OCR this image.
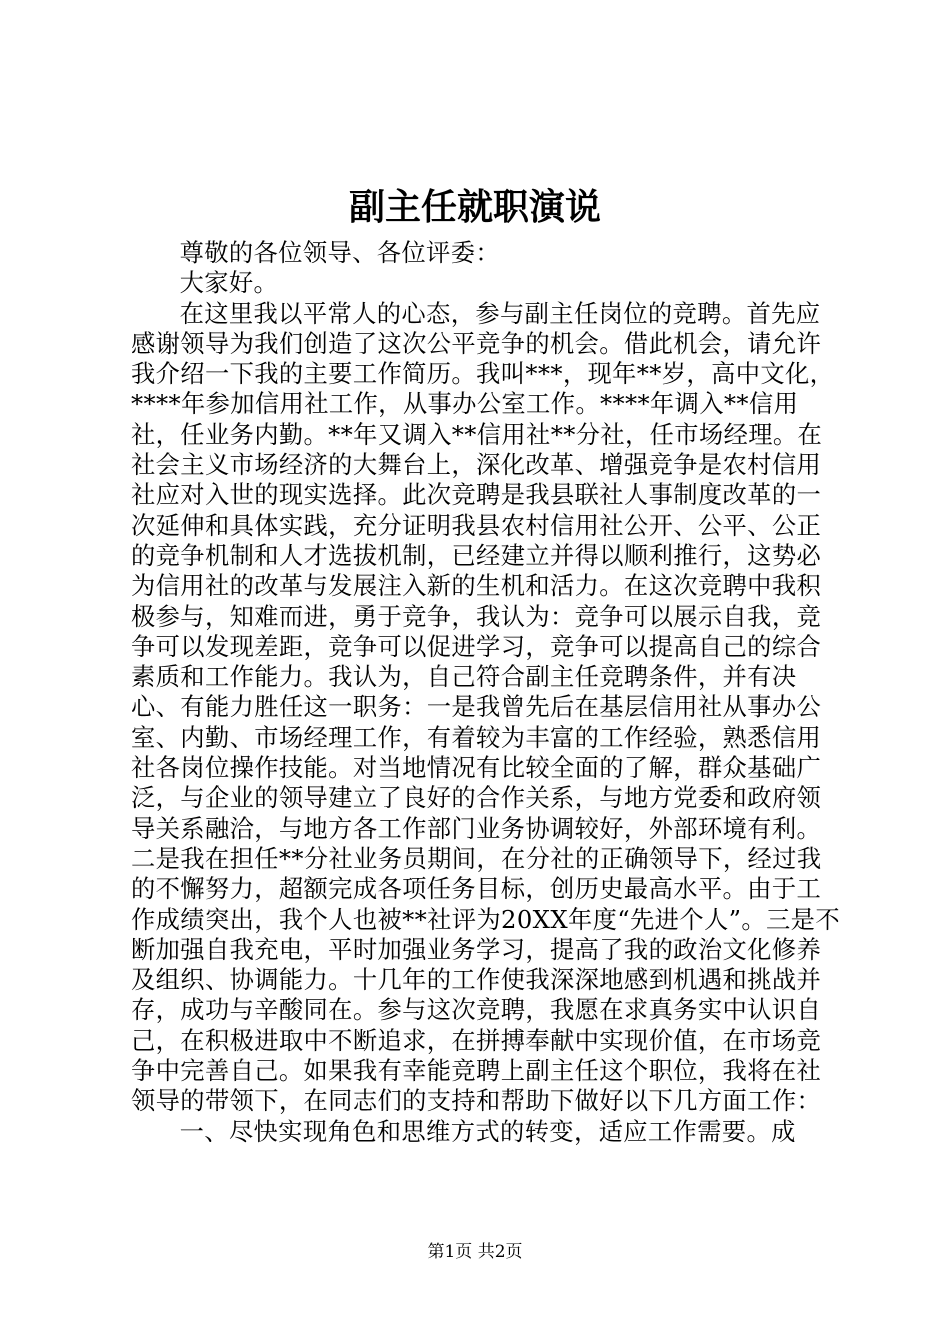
副主任就职演说

尊敬的各位领导、各位评委：

大家好。

在这里我以平常人的心态，参与副主任岗位的竞聘。首先应感谢领导为我们创造了这次公平竞争的机会。借此机会，请允许我介绍一下我的主要工作简历。我叫***，现年**岁，高中文化，****年参加信用社工作，从事办公室工作。****年调入**信用社，任业务内勤。**年又调入**信用社**分社，任市场经理。在社会主义市场经济的大舞台上，深化改革、增强竞争是农村信用社应对入世的现实选择。此次竞聘是我县联社人事制度改革的一次延伸和具体实践，充分证明我县农村信用社公开、公平、公正的竞争机制和人才选拔机制，已经建立并得以顺利推行，这势必为信用社的改革与发展注入新的生机和活力。在这次竞聘中我积极参与，知难而进，勇于竞争，我认为：竞争可以展示自我，竞争可以发现差距，竞争可以促进学习，竞争可以提高自己的综合素质和工作能力。我认为，自己符合副主任竞聘条件，并有决心、有能力胜任这一职务：一是我曾先后在基层信用社从事办公室、内勤、市场经理工作，有着较为丰富的工作经验，熟悉信用社各岗位操作技能。对当地情况有比较全面的了解，群众基础广泛，与企业的领导建立了良好的合作关系，与地方党委和政府领导关系融洽，与地方各工作部门业务协调较好，外部环境有利。二是我在担任**分社业务员期间，在分社的正确领导下，经过我的不懈努力，超额完成各项任务目标，创历史最高水平。由于工作成绩突出，我个人也被**社评为20XX年度“先进个人”。三是不断加强自我充电，平时加强业务学习，提高了我的政治文化修养及组织、协调能力。十几年的工作使我深深地感到机遇和挑战并存，成功与辛酸同在。参与这次竞聘，我愿在求真务实中认识自己，在积极进取中不断追求，在拼搏奉献中实现价值，在市场竞争中完善自己。如果我有幸能竞聘上副主任这个职位，我将在社领导的带领下，在同志们的支持和帮助下做好以下几方面工作：

一、尽快实现角色和思维方式的转变，适应工作需要。成

第1页 共2页
